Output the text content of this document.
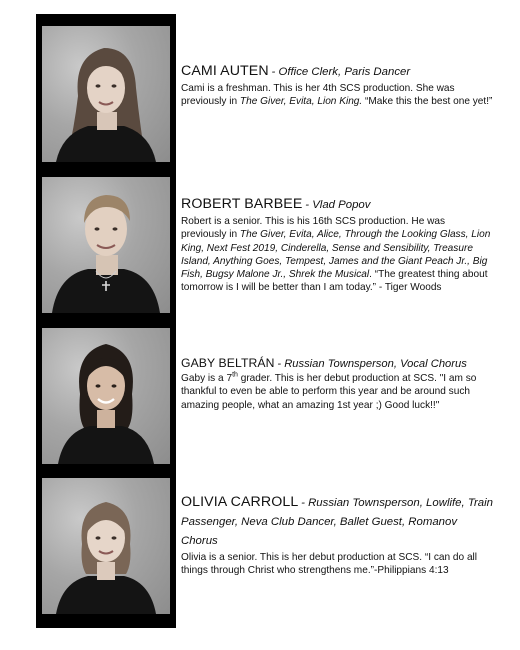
CAMI AUTEN - Office Clerk, Paris Dancer

Cami is a freshman. This is her 4th SCS production. She was previously in The Giver, Evita, Lion King. “Make this the best one yet!”

ROBERT BARBEE - Vlad Popov

Robert is a senior. This is his 16th SCS production. He was previously in The Giver, Evita, Alice, Through the Looking Glass, Lion King, Next Fest 2019, Cinderella, Sense and Sensibility, Treasure Island, Anything Goes, Tempest, James and the Giant Peach Jr., Big Fish, Bugsy Malone Jr., Shrek the Musical. “The greatest thing about tomorrow is I will be better than I am today.” - Tiger Woods

GABY BELTRÁN - Russian Townsperson, Vocal Chorus

Gaby is a 7th grader. This is her debut production at SCS. "I am so thankful to even be able to perform this year and be around such amazing people, what an amazing 1st year ;) Good luck!!"

OLIVIA CARROLL - Russian Townsperson, Lowlife, Train Passenger, Neva Club Dancer, Ballet Guest, Romanov Chorus

Olivia is a senior. This is her debut production at SCS. “I can do all things through Christ who strengthens me.”-Philippians 4:13
